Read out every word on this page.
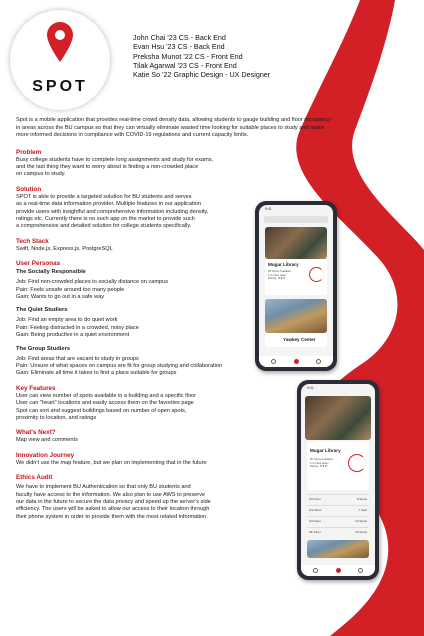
SPOT
John Chai '23 CS - Back End
Evan Hsu '23 CS - Back End
Preksha Munot '22 CS - Front End
Tilak Agarwal '23 CS - Front End
Katie So '22 Graphic Design - UX Designer
Spot is a mobile application that provides real-time crowd density data, allowing students to gauge building and floor occupancy
in areas across the BU campus so that they can virtually eliminate wasted time looking for suitable places to study and make
more informed decisions in compliance with COVID-19 regulations and current capacity limits.
Problem
Busy college students have to complete long assignments and study for exams,
and the last thing they want to worry about is finding a non-crowded place
on campus to study.
Solution
SPOT is able to provide a targeted solution for BU students and serves
as a real-time data information provider. Multiple features in our application
provide users with insightful and comprehensive information including density,
ratings etc. Currently there is no such app on the market to provide such
a comprehensive and detailed solution for college students specifically.
Tech Stack
Swift, Node.js, Express.js, PostgreSQL
User Personas
The Socially Responsible
Job: Find non-crowded places to socially distance on campus
Pain: Feels unsafe around too many people
Gain: Wants to go out in a safe way
The Quiet Studiers
Job: Find an empty area to do quiet work
Pain: Feeling distracted in a crowded, noisy place
Gain: Being productive in a quiet environment
The Group Studiers
Job: Find areas that are vacant to study in groups
Pain: Unsure of what spaces on campus are fit for group studying and collaboration
Gain: Eliminate all time it takes to find a place suitable for groups
Key Features
User can view number of spots available in a building and a specific floor
User can "heart" locations and easily access them on the favorites page
Spot can sort and suggest buildings based on number of open spots,
proximity to location, and ratings
What's Next?
Map view and comments
Innovation Journey
We didn't use the map feature, but we plan on implementing that in the future
Ethics Audit
We have to implement BU Authentication so that only BU students and
faculty have access to the information. We also plan to use AWS to preserve
our data in the future to secure the data privacy and speed up the server's side
efficiency. The users will be asked to allow our access to their location through
their phone system in order to provide them with the most related information.
9:41
Mugar Library
50 Spots Available
1.2 miles away
Rating: ★★★
Yawkey Center
9:41
Mugar Library
50 Spots Available
1.2 miles away
Rating: ★★★
3rd Floor	8 Spots
2nd Floor	7 Spot
3rd Floor	14 Spots
4th Floor	20 Spots
